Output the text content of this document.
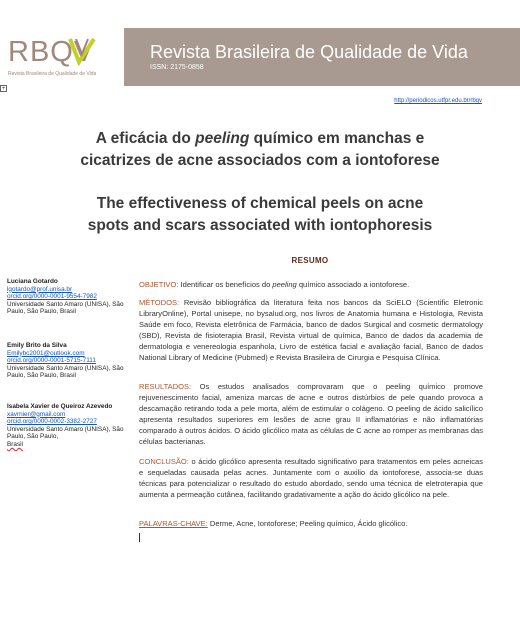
RBQV
Revista Brasileira de Qualidade de Vida
Revista Brasileira de Qualidade de Vida
ISSN: 2175-0858
+
http://periodicos.utfpr.edu.br/rbqv
A eficácia do peeling químico em manchas e
cicatrizes de acne associados com a iontoforese
The effectiveness of chemical peels on acne
spots and scars associated with iontophoresis
RESUMO
Luciana Gotardo
lgotardo@prof.unisa.br
orcid.org/0000-0001-9554-7982
Universidade Santo Amaro (UNISA), São Paulo, São Paulo, Brasil
Emily Brito da Silva
Emilybc2001@outlook.com
orcid.org/0000-0001-5715-7111
Universidade Santo Amaro (UNISA), São Paulo, São Paulo, Brasil
Isabela Xavier de Queiroz Azevedo
xavrnier@gmail.com
orcid.org/0000-0002-3382-2727
Universidade Santo Amaro (UNISA), São Paulo, São Paulo,
Brasil
OBJETIVO: Identificar os benefícios do peeling químico associado a iontoforese.
MÉTODOS: Revisão bibliográfica da literatura feita nos bancos da SciELO (Scientific Eletronic LibraryOnline), Portal unisepe, no bysalud.org, nos livros de Anatomia humana e Histologia, Revista Saúde em foco, Revista eletrônica de Farmácia, banco de dados Surgical and cosmetic dermatology (SBD), Revista de fisioterapia Brasil, Revista virtual de química, Banco de dados da academia de dermatologia e venereologia espanhola, Livro de estética facial e avaliação facial, Banco de dados National Library of Medicine (Pubmed) e Revista Brasileira de Cirurgia e Pesquisa Clínica.
RESULTADOS: Os estudos analisados comprovaram que o peeling químico promove rejuvenescimento facial, ameniza marcas de acne e outros distúrbios de pele quando provoca a descamação retirando toda a pele morta, além de estimular o colágeno. O peeling de ácido salicílico apresenta resultados superiores em lesões de acne grau II inflamatórias e não inflamatórias comparado à outros ácidos. O ácido glicólico mata as células de C acne ao romper as membranas das células bacterianas.
CONCLUSÃO: o ácido glicólico apresenta resultado significativo para tratamentos em peles acneicas e sequeladas causada pelas acnes. Juntamente com o auxilio da iontoforese, associa-se duas técnicas para potencializar o resultado do estudo abordado, sendo uma técnica de eletroterapia que aumenta a permeação cutânea, facilitando gradativamente a ação do ácido glicólico na pele.
PALAVRAS-CHAVE: Derme, Acne, Iontoforese; Peeling químico, Ácido glicólico.
